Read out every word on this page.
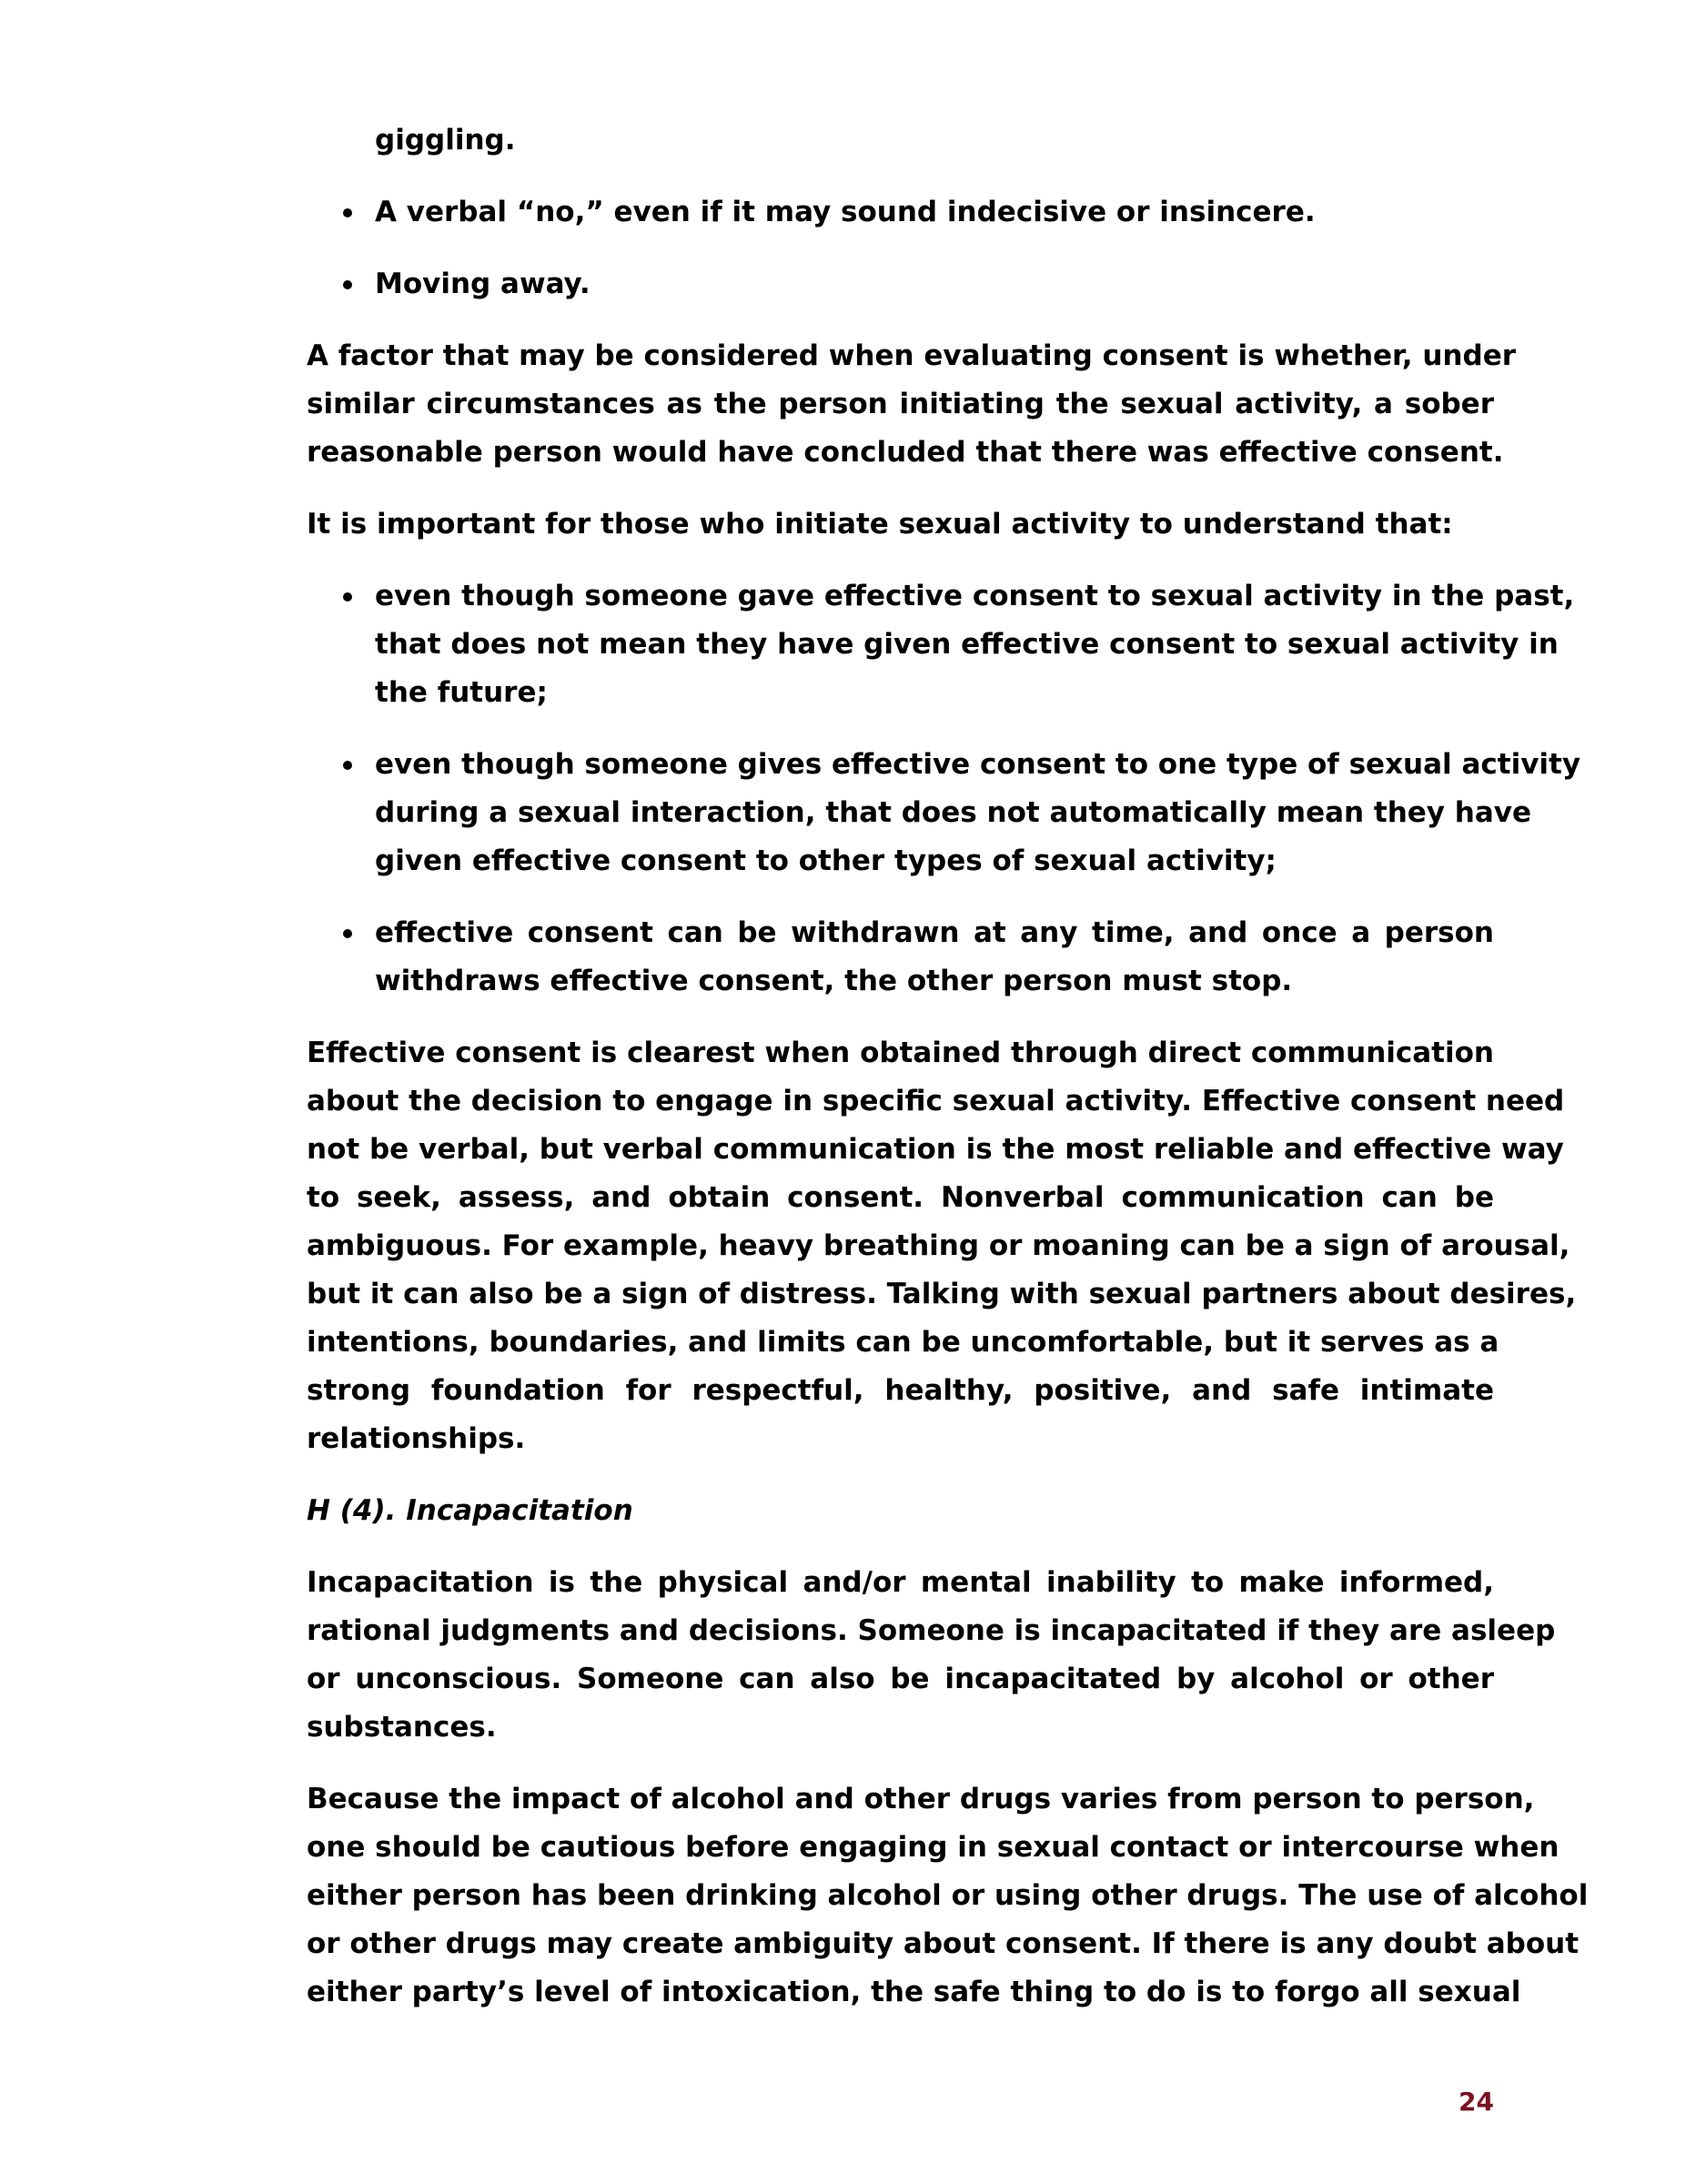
giggling.
A verbal “no,” even if it may sound indecisive or insincere.
Moving away.
A factor that may be considered when evaluating consent is whether, under
similar circumstances as the person initiating the sexual activity, a sober
reasonable person would have concluded that there was effective consent.
It is important for those who initiate sexual activity to understand that:
even though someone gave effective consent to sexual activity in the past,
that does not mean they have given effective consent to sexual activity in
the future;
even though someone gives effective consent to one type of sexual activity
during a sexual interaction, that does not automatically mean they have
given effective consent to other types of sexual activity;
effective consent can be withdrawn at any time, and once a person
withdraws effective consent, the other person must stop.
Effective consent is clearest when obtained through direct communication
about the decision to engage in specific sexual activity. Effective consent need
not be verbal, but verbal communication is the most reliable and effective way
to seek, assess, and obtain consent. Nonverbal communication can be
ambiguous. For example, heavy breathing or moaning can be a sign of arousal,
but it can also be a sign of distress. Talking with sexual partners about desires,
intentions, boundaries, and limits can be uncomfortable, but it serves as a
strong foundation for respectful, healthy, positive, and safe intimate
relationships.
H (4). Incapacitation
Incapacitation is the physical and/or mental inability to make informed,
rational judgments and decisions. Someone is incapacitated if they are asleep
or unconscious. Someone can also be incapacitated by alcohol or other
substances.
Because the impact of alcohol and other drugs varies from person to person,
one should be cautious before engaging in sexual contact or intercourse when
either person has been drinking alcohol or using other drugs. The use of alcohol
or other drugs may create ambiguity about consent. If there is any doubt about
either party’s level of intoxication, the safe thing to do is to forgo all sexual
24
